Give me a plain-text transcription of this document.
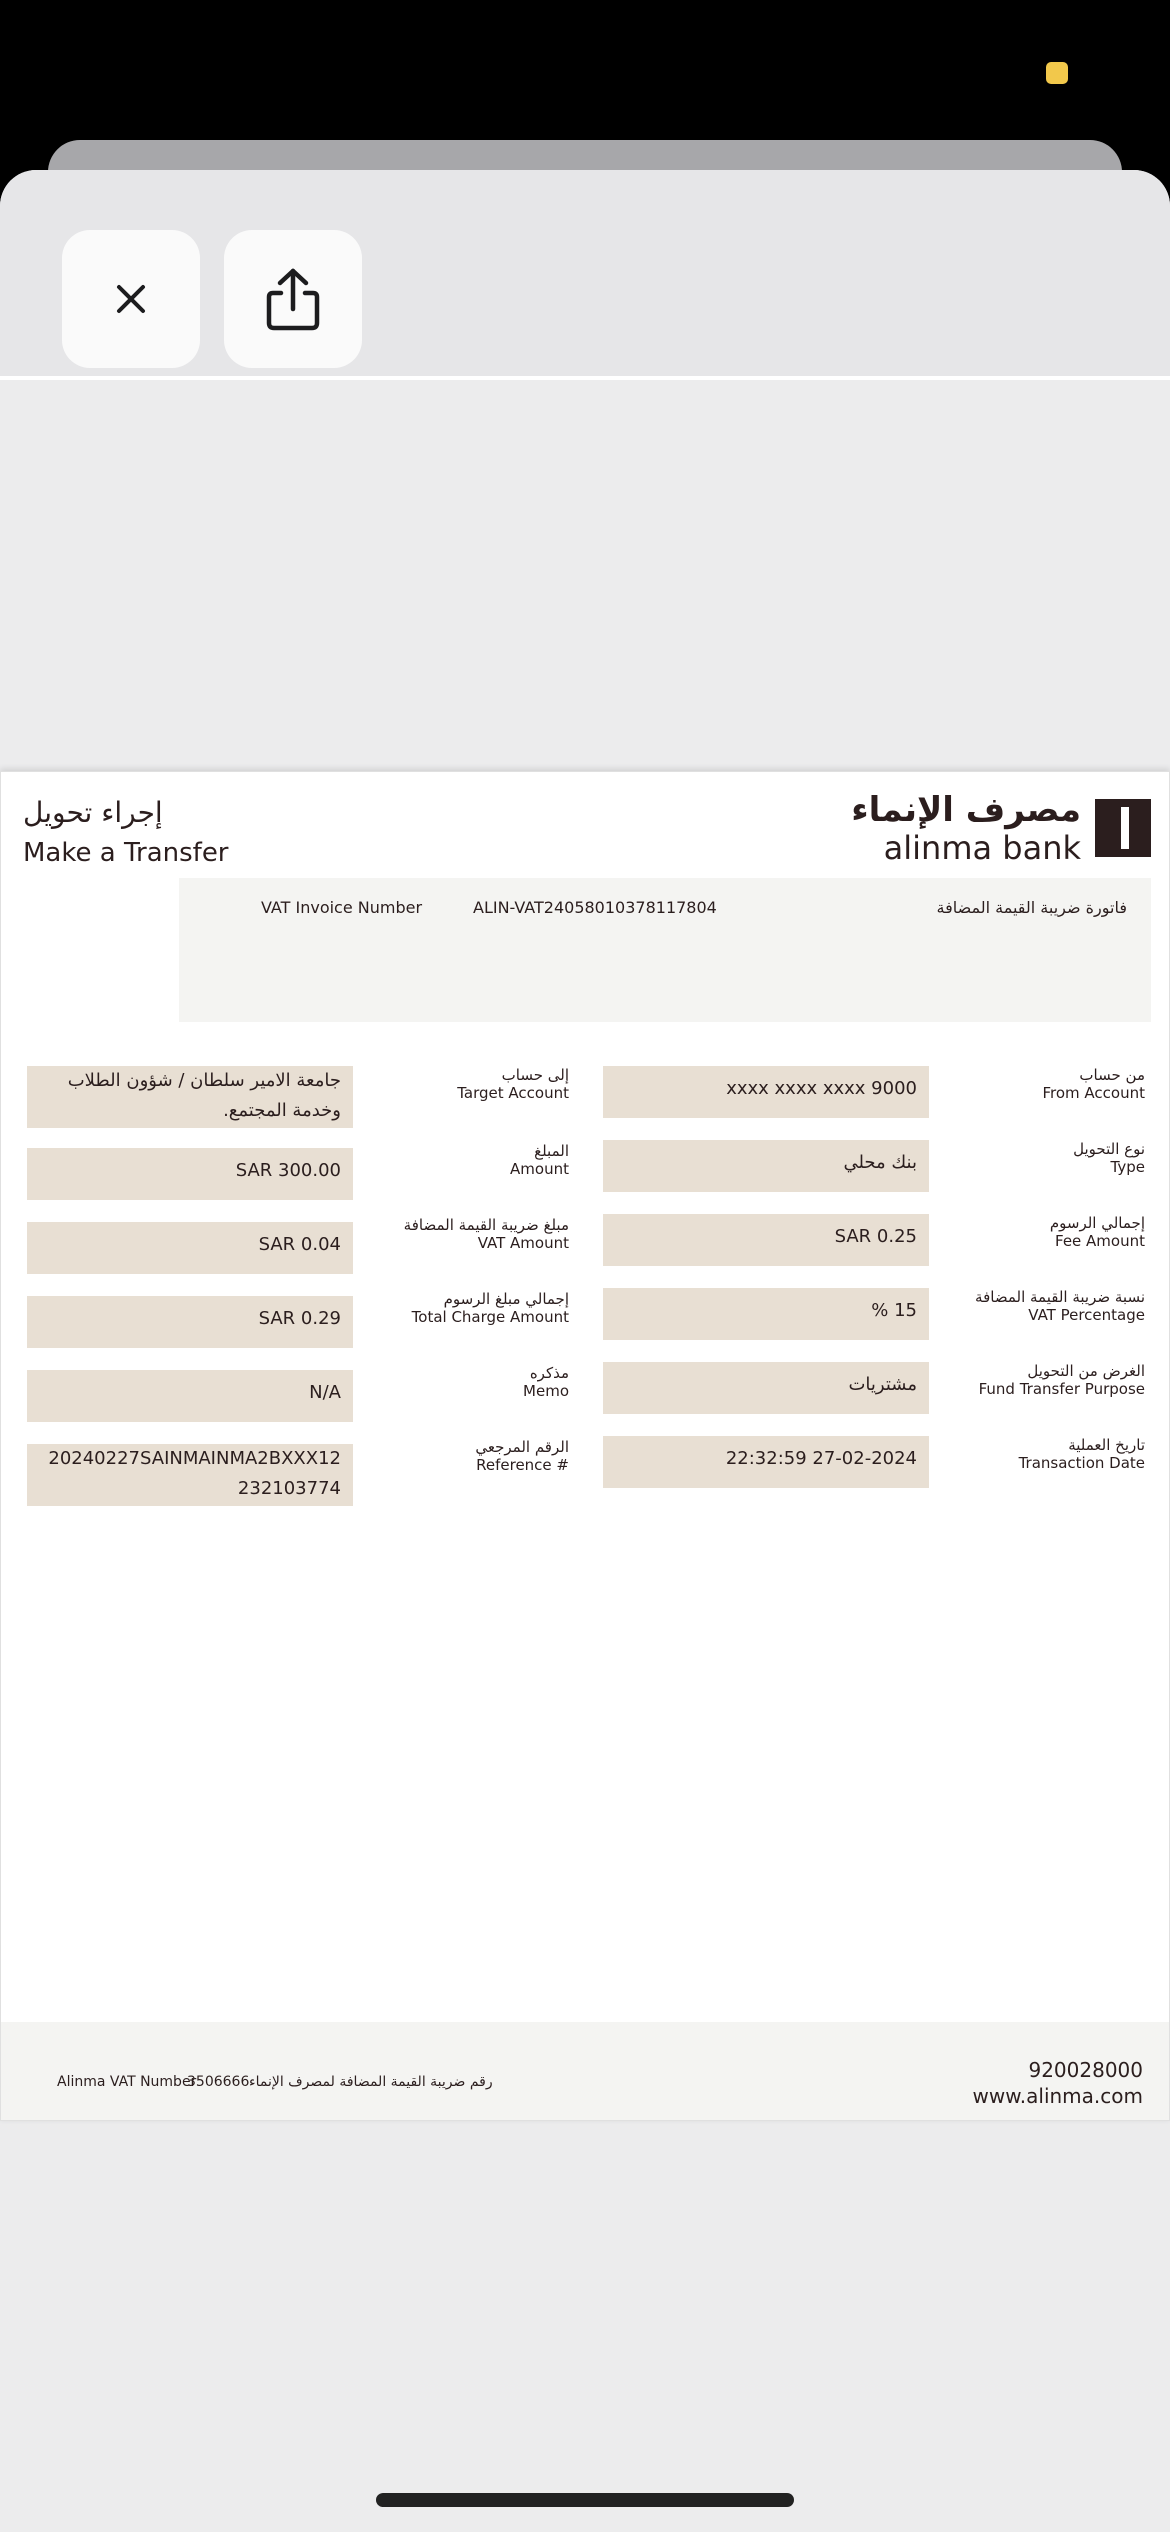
إجراء تحويل
Make a Transfer
مصرف الإنماء
alinma bank
VAT Invoice Number	ALIN-VAT24058010378117804	فاتورة ضريبة القيمة المضافة
من حساب
From Account
xxxx xxxx xxxx 9000
نوع التحويل
Type
بنك محلي
إجمالي الرسوم
Fee Amount
SAR 0.25
نسبة ضريبة القيمة المضافة
VAT Percentage
% 15
الغرض من التحويل
Fund Transfer Purpose
مشتريات
تاريخ العملية
Transaction Date
22:32:59 27-02-2024
إلى حساب
Target Account
جامعة الامير سلطان / شؤون الطلاب وخدمة المجتمع.
المبلغ
Amount
SAR 300.00
مبلغ ضريبة القيمة المضافة
VAT Amount
SAR 0.04
إجمالي مبلغ الرسوم
Total Charge Amount
SAR 0.29
مذكره
Memo
N/A
الرقم المرجعي
Reference #
20240227SAINMAINMA2BXXX12232103774
Alinma VAT Number
3506666 رقم ضريبة القيمة المضافة لمصرف الإنماء	920028000
www.alinma.com
